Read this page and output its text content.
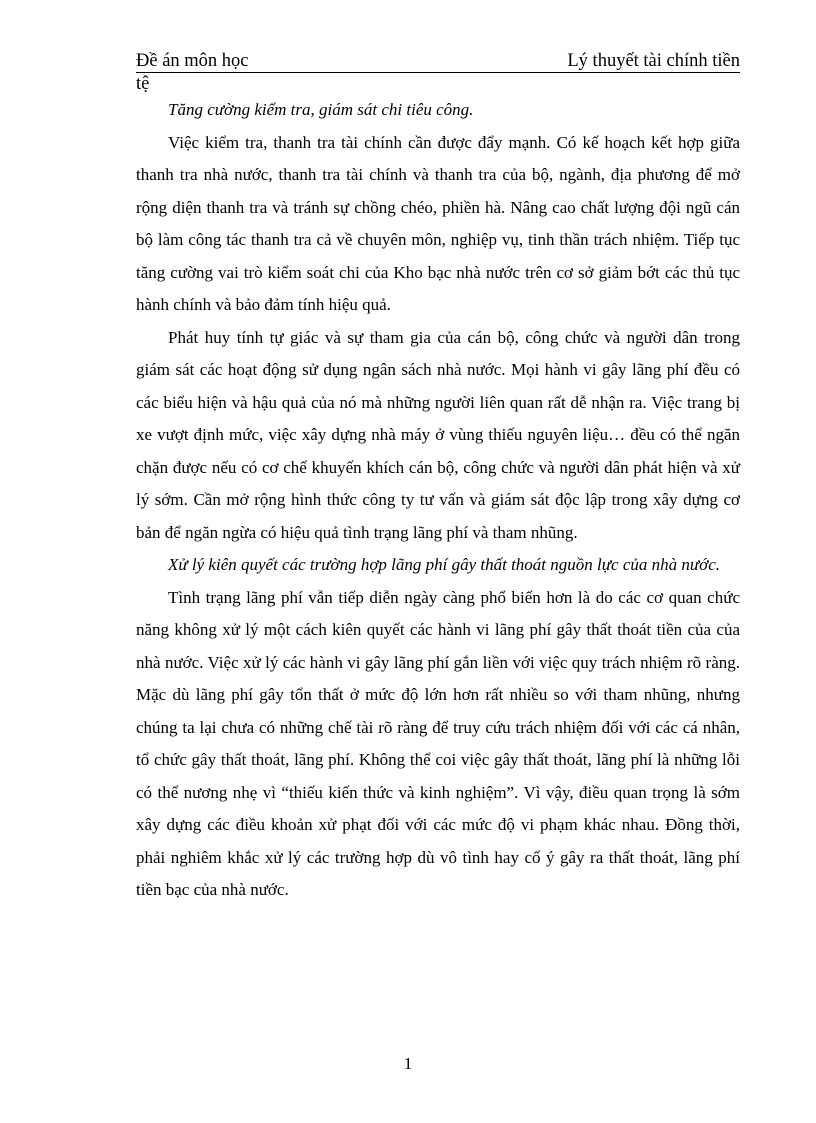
Đề án môn học	Lý thuyết tài chính tiền
tệ

Tăng cường kiểm tra, giám sát chi tiêu công.

Việc kiểm tra, thanh tra tài chính cần được đẩy mạnh. Có kế hoạch kết hợp giữa thanh tra nhà nước, thanh tra tài chính và thanh tra của bộ, ngành, địa phương để mở rộng diện thanh tra và tránh sự chồng chéo, phiền hà. Nâng cao chất lượng đội ngũ cán bộ làm công tác thanh tra cả về chuyên môn, nghiệp vụ, tinh thần trách nhiệm. Tiếp tục tăng cường vai trò kiểm soát chi của Kho bạc nhà nước trên cơ sở giảm bớt các thủ tục hành chính và bảo đảm tính hiệu quả.

Phát huy tính tự giác và sự tham gia của cán bộ, công chức và người dân trong giám sát các hoạt động sử dụng ngân sách nhà nước. Mọi hành vi gây lãng phí đều có các biểu hiện và hậu quả của nó mà những người liên quan rất dễ nhận ra. Việc trang bị xe vượt định mức, việc xây dựng nhà máy ở vùng thiếu nguyên liệu… đều có thể ngăn chặn được nếu có cơ chế khuyến khích cán bộ, công chức và người dân phát hiện và xử lý sớm. Cần mở rộng hình thức công ty tư vấn và giám sát độc lập trong xây dựng cơ bản để ngăn ngừa có hiệu quả tình trạng lãng phí và tham nhũng.

Xử lý kiên quyết các trường hợp lãng phí gây thất thoát nguồn lực của nhà nước.

Tình trạng lãng phí vẫn tiếp diễn ngày càng phổ biến hơn là do các cơ quan chức năng không xử lý một cách kiên quyết các hành vi lãng phí gây thất thoát tiền của của nhà nước. Việc xử lý các hành vi gây lãng phí gắn liền với việc quy trách nhiệm rõ ràng. Mặc dù lãng phí gây tổn thất ở mức độ lớn hơn rất nhiều so với tham nhũng, nhưng chúng ta lại chưa có những chế tài rõ ràng để truy cứu trách nhiệm đối với các cá nhân, tổ chức gây thất thoát, lãng phí. Không thể coi việc gây thất thoát, lãng phí là những lỗi có thể nương nhẹ vì “thiếu kiến thức và kinh nghiệm”. Vì vậy, điều quan trọng là sớm xây dựng các điều khoản xử phạt đối với các mức độ vi phạm khác nhau. Đồng thời, phải nghiêm khắc xử lý các trường hợp dù vô tình hay cố ý gây ra thất thoát, lãng phí tiền bạc của nhà nước.

1
